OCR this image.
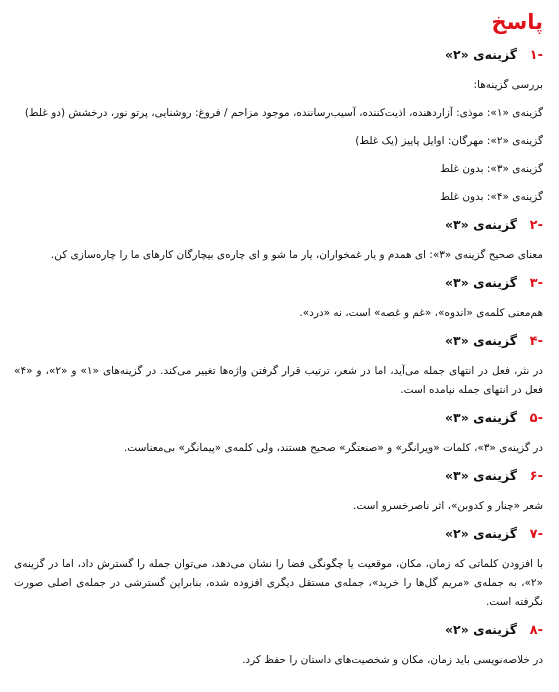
پاسخ
-۱
گزینه‌ی «۲»
بررسی گزینه‌ها:
گزینه‌ی «۱»: موذی: آزاردهنده، اذیت‌کننده، آسیب‌رساننده، موجود مزاحم / فروغ: روشنایی، پرتو نور، درخشش (دو غلط)
گزینه‌ی «۲»: مهرگان: اوایل پاییز (یک غلط)
گزینه‌ی «۳»: بدون غلط
گزینه‌ی «۴»: بدون غلط
-۲
گزینه‌ی «۳»
معنای صحیح گزینه‌ی «۳»: ای همدم و یار غمخواران، یار ما شو و ای چاره‌ی بیچارگان کارهای ما را چاره‌سازی کن.
-۳
گزینه‌ی «۳»
هم‌معنی کلمه‌ی «اندوه»، «غم و غصه» است، نه «درد».
-۴
گزینه‌ی «۳»
در نثر، فعل در انتهای جمله می‌آید، اما در شعر، ترتیب قرار گرفتن واژه‌ها تغییر می‌کند. در گزینه‌های «۱» و «۲»، و «۴» فعل در انتهای جمله نیامده است.
-۵
گزینه‌ی «۳»
در گزینه‌ی «۳»، کلمات «ویرانگر» و «صنعتگر» صحیح هستند، ولی کلمه‌ی «پیمانگر» بی‌معناست.
-۶
گزینه‌ی «۳»
شعر «چنار و کدوبن»، اثر ناصرخسرو است.
-۷
گزینه‌ی «۲»
با افزودن کلماتی که زمان، مکان، موقعیت یا چگونگی فضا را نشان می‌دهد، می‌توان جمله را گسترش داد، اما در گزینه‌ی «۲»، به جمله‌ی «مریم گل‌ها را خرید»، جمله‌ی مستقل دیگری افزوده شده، بنابراین گسترشی در جمله‌ی اصلی صورت نگرفته است.
-۸
گزینه‌ی «۲»
در خلاصه‌نویسی باید زمان، مکان و شخصیت‌های داستان را حفظ کرد.
